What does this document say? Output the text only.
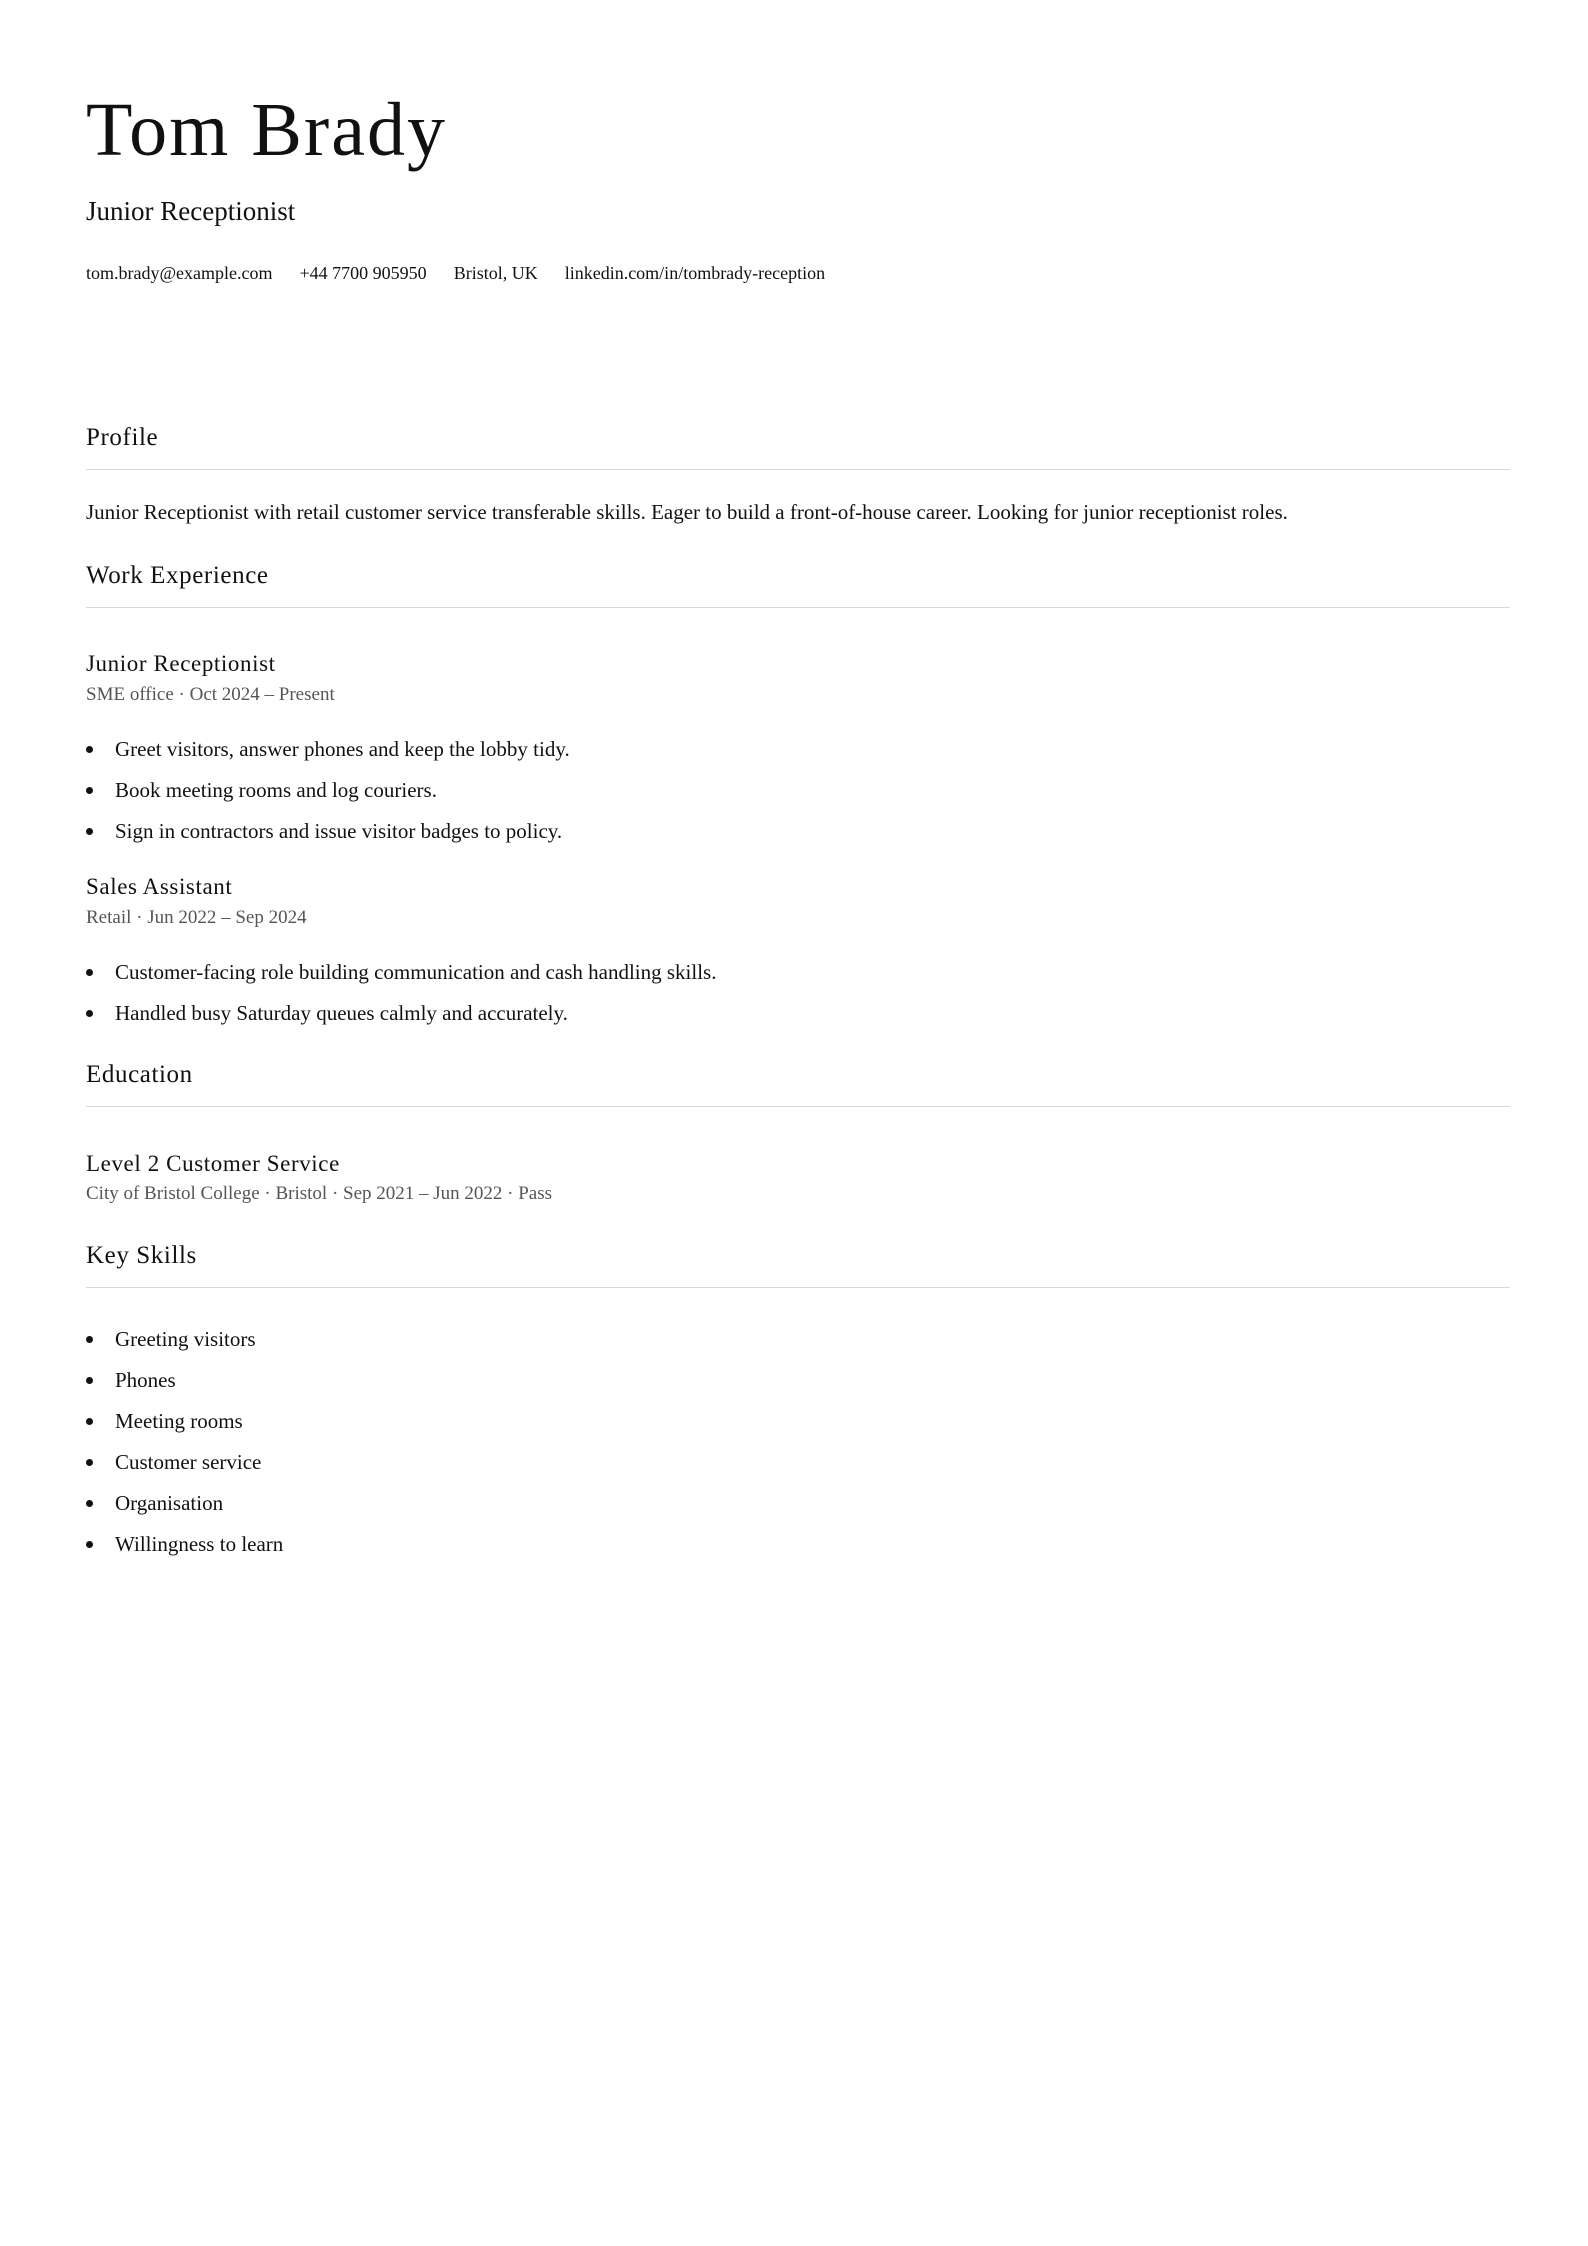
Tom Brady
Junior Receptionist
tom.brady@example.com +44 7700 905950 Bristol, UK linkedin.com/in/tombrady-reception
Profile
Junior Receptionist with retail customer service transferable skills. Eager to build a front-of-house career. Looking for junior receptionist roles.
Work Experience
Junior Receptionist
SME office · Oct 2024 – Present
Greet visitors, answer phones and keep the lobby tidy.
Book meeting rooms and log couriers.
Sign in contractors and issue visitor badges to policy.
Sales Assistant
Retail · Jun 2022 – Sep 2024
Customer-facing role building communication and cash handling skills.
Handled busy Saturday queues calmly and accurately.
Education
Level 2 Customer Service
City of Bristol College · Bristol · Sep 2021 – Jun 2022 · Pass
Key Skills
Greeting visitors
Phones
Meeting rooms
Customer service
Organisation
Willingness to learn
